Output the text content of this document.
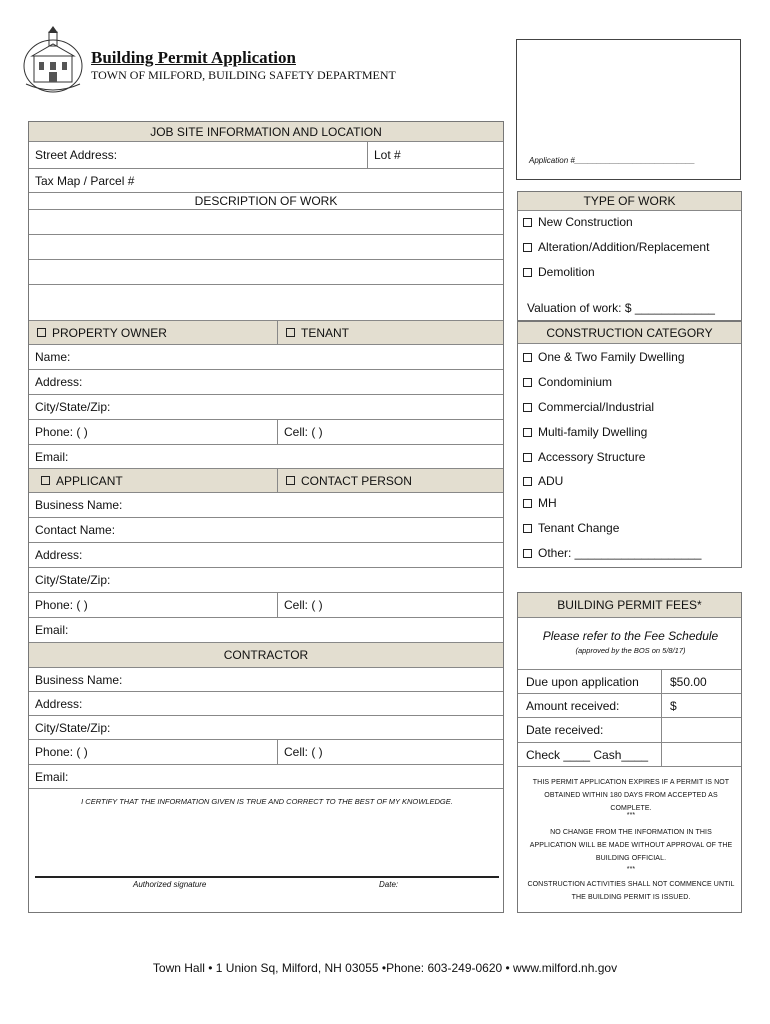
Building Permit Application
TOWN OF MILFORD, BUILDING SAFETY DEPARTMENT
Application #___________________________
JOB SITE INFORMATION AND LOCATION
Street Address:	Lot #
Tax Map / Parcel #
DESCRIPTION OF WORK
PROPERTY OWNER	TENANT
Name:
Address:
City/State/Zip:
Phone: ( )	Cell: ( )
Email:
APPLICANT	CONTACT PERSON
Business Name:
Contact Name:
Address:
City/State/Zip:
Phone: ( )	Cell: ( )
Email:
CONTRACTOR
Business Name:
Address:
City/State/Zip:
Phone: ( )	Cell: ( )
Email:
I CERTIFY THAT THE INFORMATION GIVEN IS TRUE AND CORRECT TO THE BEST OF MY KNOWLEDGE.
Authorized signature	Date:
TYPE OF WORK
New Construction
Alteration/Addition/Replacement
Demolition
Valuation of work: $ ____________
CONSTRUCTION CATEGORY
One & Two Family Dwelling
Condominium
Commercial/Industrial
Multi-family Dwelling
Accessory Structure
ADU
MH
Tenant Change
Other: ___________________
BUILDING PERMIT FEES*
Please refer to the Fee Schedule
(approved by the BOS on 5/8/17)
Due upon application	$50.00
Amount received:	$
Date received:
Check ____ Cash____
THIS PERMIT APPLICATION EXPIRES IF A PERMIT IS NOT OBTAINED WITHIN 180 DAYS FROM ACCEPTED AS COMPLETE.
***
NO CHANGE FROM THE INFORMATION IN THIS APPLICATION WILL BE MADE WITHOUT APPROVAL OF THE BUILDING OFFICIAL.
***
CONSTRUCTION ACTIVITIES SHALL NOT COMMENCE UNTIL THE BUILDING PERMIT IS ISSUED.
Town Hall • 1 Union Sq, Milford, NH 03055 •Phone: 603-249-0620 • www.milford.nh.gov
